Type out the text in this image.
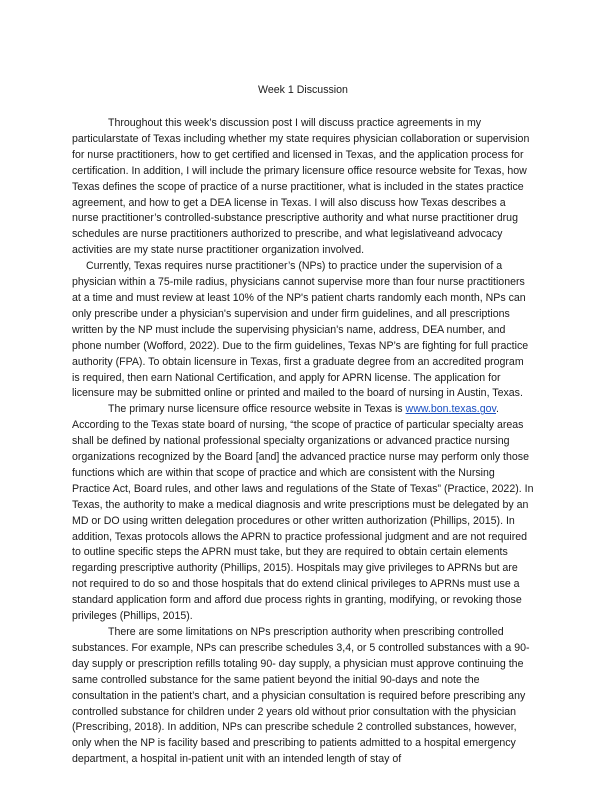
Week 1 Discussion

Throughout this week’s discussion post I will discuss practice agreements in my particularstate of Texas including whether my state requires physician collaboration or supervision for nurse practitioners, how to get certified and licensed in Texas, and the application process for certification. In addition, I will include the primary licensure office resource website for Texas, how Texas defines the scope of practice of a nurse practitioner, what is included in the states practice agreement, and how to get a DEA license in Texas. I will also discuss how Texas describes a nurse practitioner’s controlled-substance prescriptive authority and what nurse practitioner drug schedules are nurse practitioners authorized to prescribe, and what legislativeand advocacy activities are my state nurse practitioner organization involved.

Currently, Texas requires nurse practitioner’s (NPs) to practice under the supervision of a physician within a 75-mile radius, physicians cannot supervise more than four nurse practitioners at a time and must review at least 10% of the NP's patient charts randomly each month, NPs can only prescribe under a physician's supervision and under firm guidelines, and all prescriptions written by the NP must include the supervising physician's name, address, DEA number, and phone number (Wofford, 2022). Due to the firm guidelines, Texas NP’s are fighting for full practice authority (FPA). To obtain licensure in Texas, first a graduate degree from an accredited program is required, then earn National Certification, and apply for APRN license. The application for licensure may be submitted online or printed and mailed to the board of nursing in Austin, Texas.

The primary nurse licensure office resource website in Texas is www.bon.texas.gov. According to the Texas state board of nursing, “the scope of practice of particular specialty areas shall be defined by national professional specialty organizations or advanced practice nursing organizations recognized by the Board [and] the advanced practice nurse may perform only those functions which are within that scope of practice and which are consistent with the Nursing Practice Act, Board rules, and other laws and regulations of the State of Texas” (Practice, 2022). In Texas, the authority to make a medical diagnosis and write prescriptions must be delegated by an MD or DO using written delegation procedures or other written authorization (Phillips, 2015). In addition, Texas protocols allows the APRN to practice professional judgment and are not required to outline specific steps the APRN must take, but they are required to obtain certain elements regarding prescriptive authority (Phillips, 2015). Hospitals may give privileges to APRNs but are not required to do so and those hospitals that do extend clinical privileges to APRNs must use a standard application form and afford due process rights in granting, modifying, or revoking those privileges (Phillips, 2015).

There are some limitations on NPs prescription authority when prescribing controlled substances. For example, NPs can prescribe schedules 3,4, or 5 controlled substances with a 90-day supply or prescription refills totaling 90- day supply, a physician must approve continuing the same controlled substance for the same patient beyond the initial 90-days and note the consultation in the patient’s chart, and a physician consultation is required before prescribing any controlled substance for children under 2 years old without prior consultation with the physician (Prescribing, 2018). In addition, NPs can prescribe schedule 2 controlled substances, however, only when the NP is facility based and prescribing to patients admitted to a hospital emergency department, a hospital in-patient unit with an intended length of stay of
